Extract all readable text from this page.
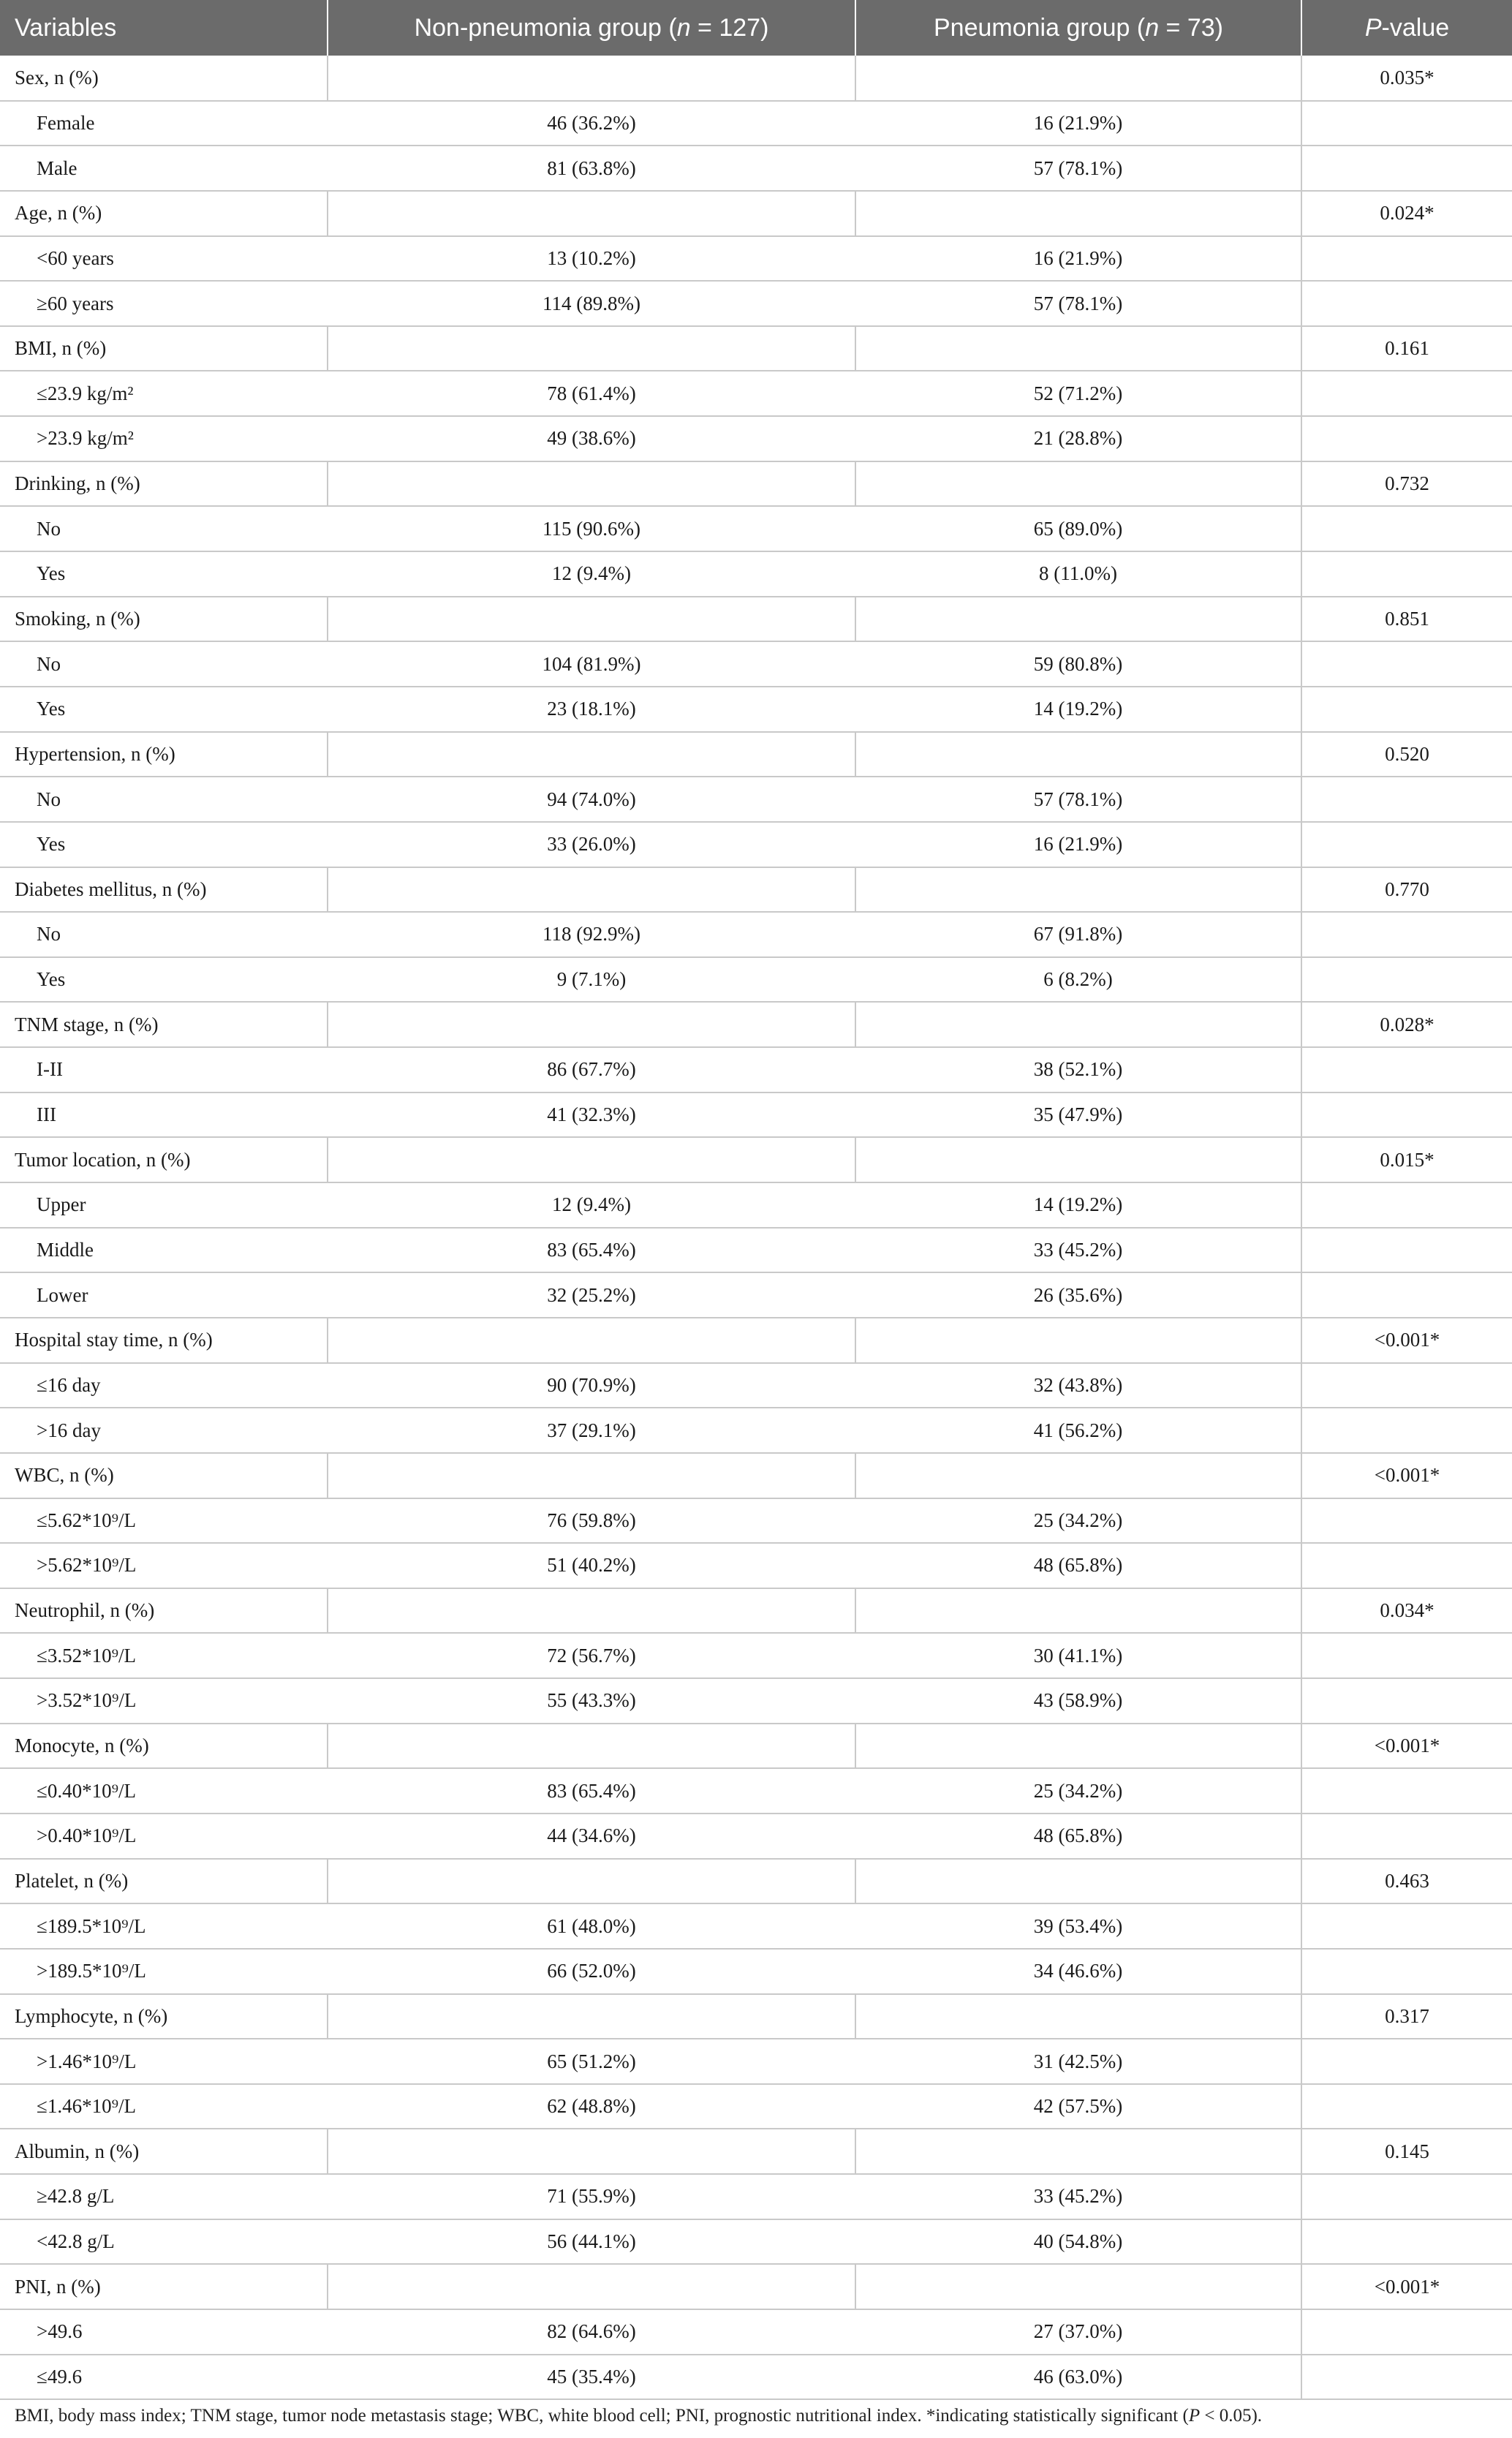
Variables	Non-pneumonia group (n = 127)	Pneumonia group (n = 73)	P-value
Sex, n (%)			0.035*
Female	46 (36.2%)	16 (21.9%)	
Male	81 (63.8%)	57 (78.1%)	
Age, n (%)			0.024*
<60 years	13 (10.2%)	16 (21.9%)	
≥60 years	114 (89.8%)	57 (78.1%)	
BMI, n (%)			0.161
≤23.9 kg/m²	78 (61.4%)	52 (71.2%)	
>23.9 kg/m²	49 (38.6%)	21 (28.8%)	
Drinking, n (%)			0.732
No	115 (90.6%)	65 (89.0%)	
Yes	12 (9.4%)	8 (11.0%)	
Smoking, n (%)			0.851
No	104 (81.9%)	59 (80.8%)	
Yes	23 (18.1%)	14 (19.2%)	
Hypertension, n (%)			0.520
No	94 (74.0%)	57 (78.1%)	
Yes	33 (26.0%)	16 (21.9%)	
Diabetes mellitus, n (%)			0.770
No	118 (92.9%)	67 (91.8%)	
Yes	9 (7.1%)	6 (8.2%)	
TNM stage, n (%)			0.028*
I-II	86 (67.7%)	38 (52.1%)	
III	41 (32.3%)	35 (47.9%)	
Tumor location, n (%)			0.015*
Upper	12 (9.4%)	14 (19.2%)	
Middle	83 (65.4%)	33 (45.2%)	
Lower	32 (25.2%)	26 (35.6%)	
Hospital stay time, n (%)			<0.001*
≤16 day	90 (70.9%)	32 (43.8%)	
>16 day	37 (29.1%)	41 (56.2%)	
WBC, n (%)			<0.001*
≤5.62*10⁹/L	76 (59.8%)	25 (34.2%)	
>5.62*10⁹/L	51 (40.2%)	48 (65.8%)	
Neutrophil, n (%)			0.034*
≤3.52*10⁹/L	72 (56.7%)	30 (41.1%)	
>3.52*10⁹/L	55 (43.3%)	43 (58.9%)	
Monocyte, n (%)			<0.001*
≤0.40*10⁹/L	83 (65.4%)	25 (34.2%)	
>0.40*10⁹/L	44 (34.6%)	48 (65.8%)	
Platelet, n (%)			0.463
≤189.5*10⁹/L	61 (48.0%)	39 (53.4%)	
>189.5*10⁹/L	66 (52.0%)	34 (46.6%)	
Lymphocyte, n (%)			0.317
>1.46*10⁹/L	65 (51.2%)	31 (42.5%)	
≤1.46*10⁹/L	62 (48.8%)	42 (57.5%)	
Albumin, n (%)			0.145
≥42.8 g/L	71 (55.9%)	33 (45.2%)	
<42.8 g/L	56 (44.1%)	40 (54.8%)	
PNI, n (%)			<0.001*
>49.6	82 (64.6%)	27 (37.0%)	
≤49.6	45 (35.4%)	46 (63.0%)	
BMI, body mass index; TNM stage, tumor node metastasis stage; WBC, white blood cell; PNI, prognostic nutritional index. *indicating statistically significant (P < 0.05).
